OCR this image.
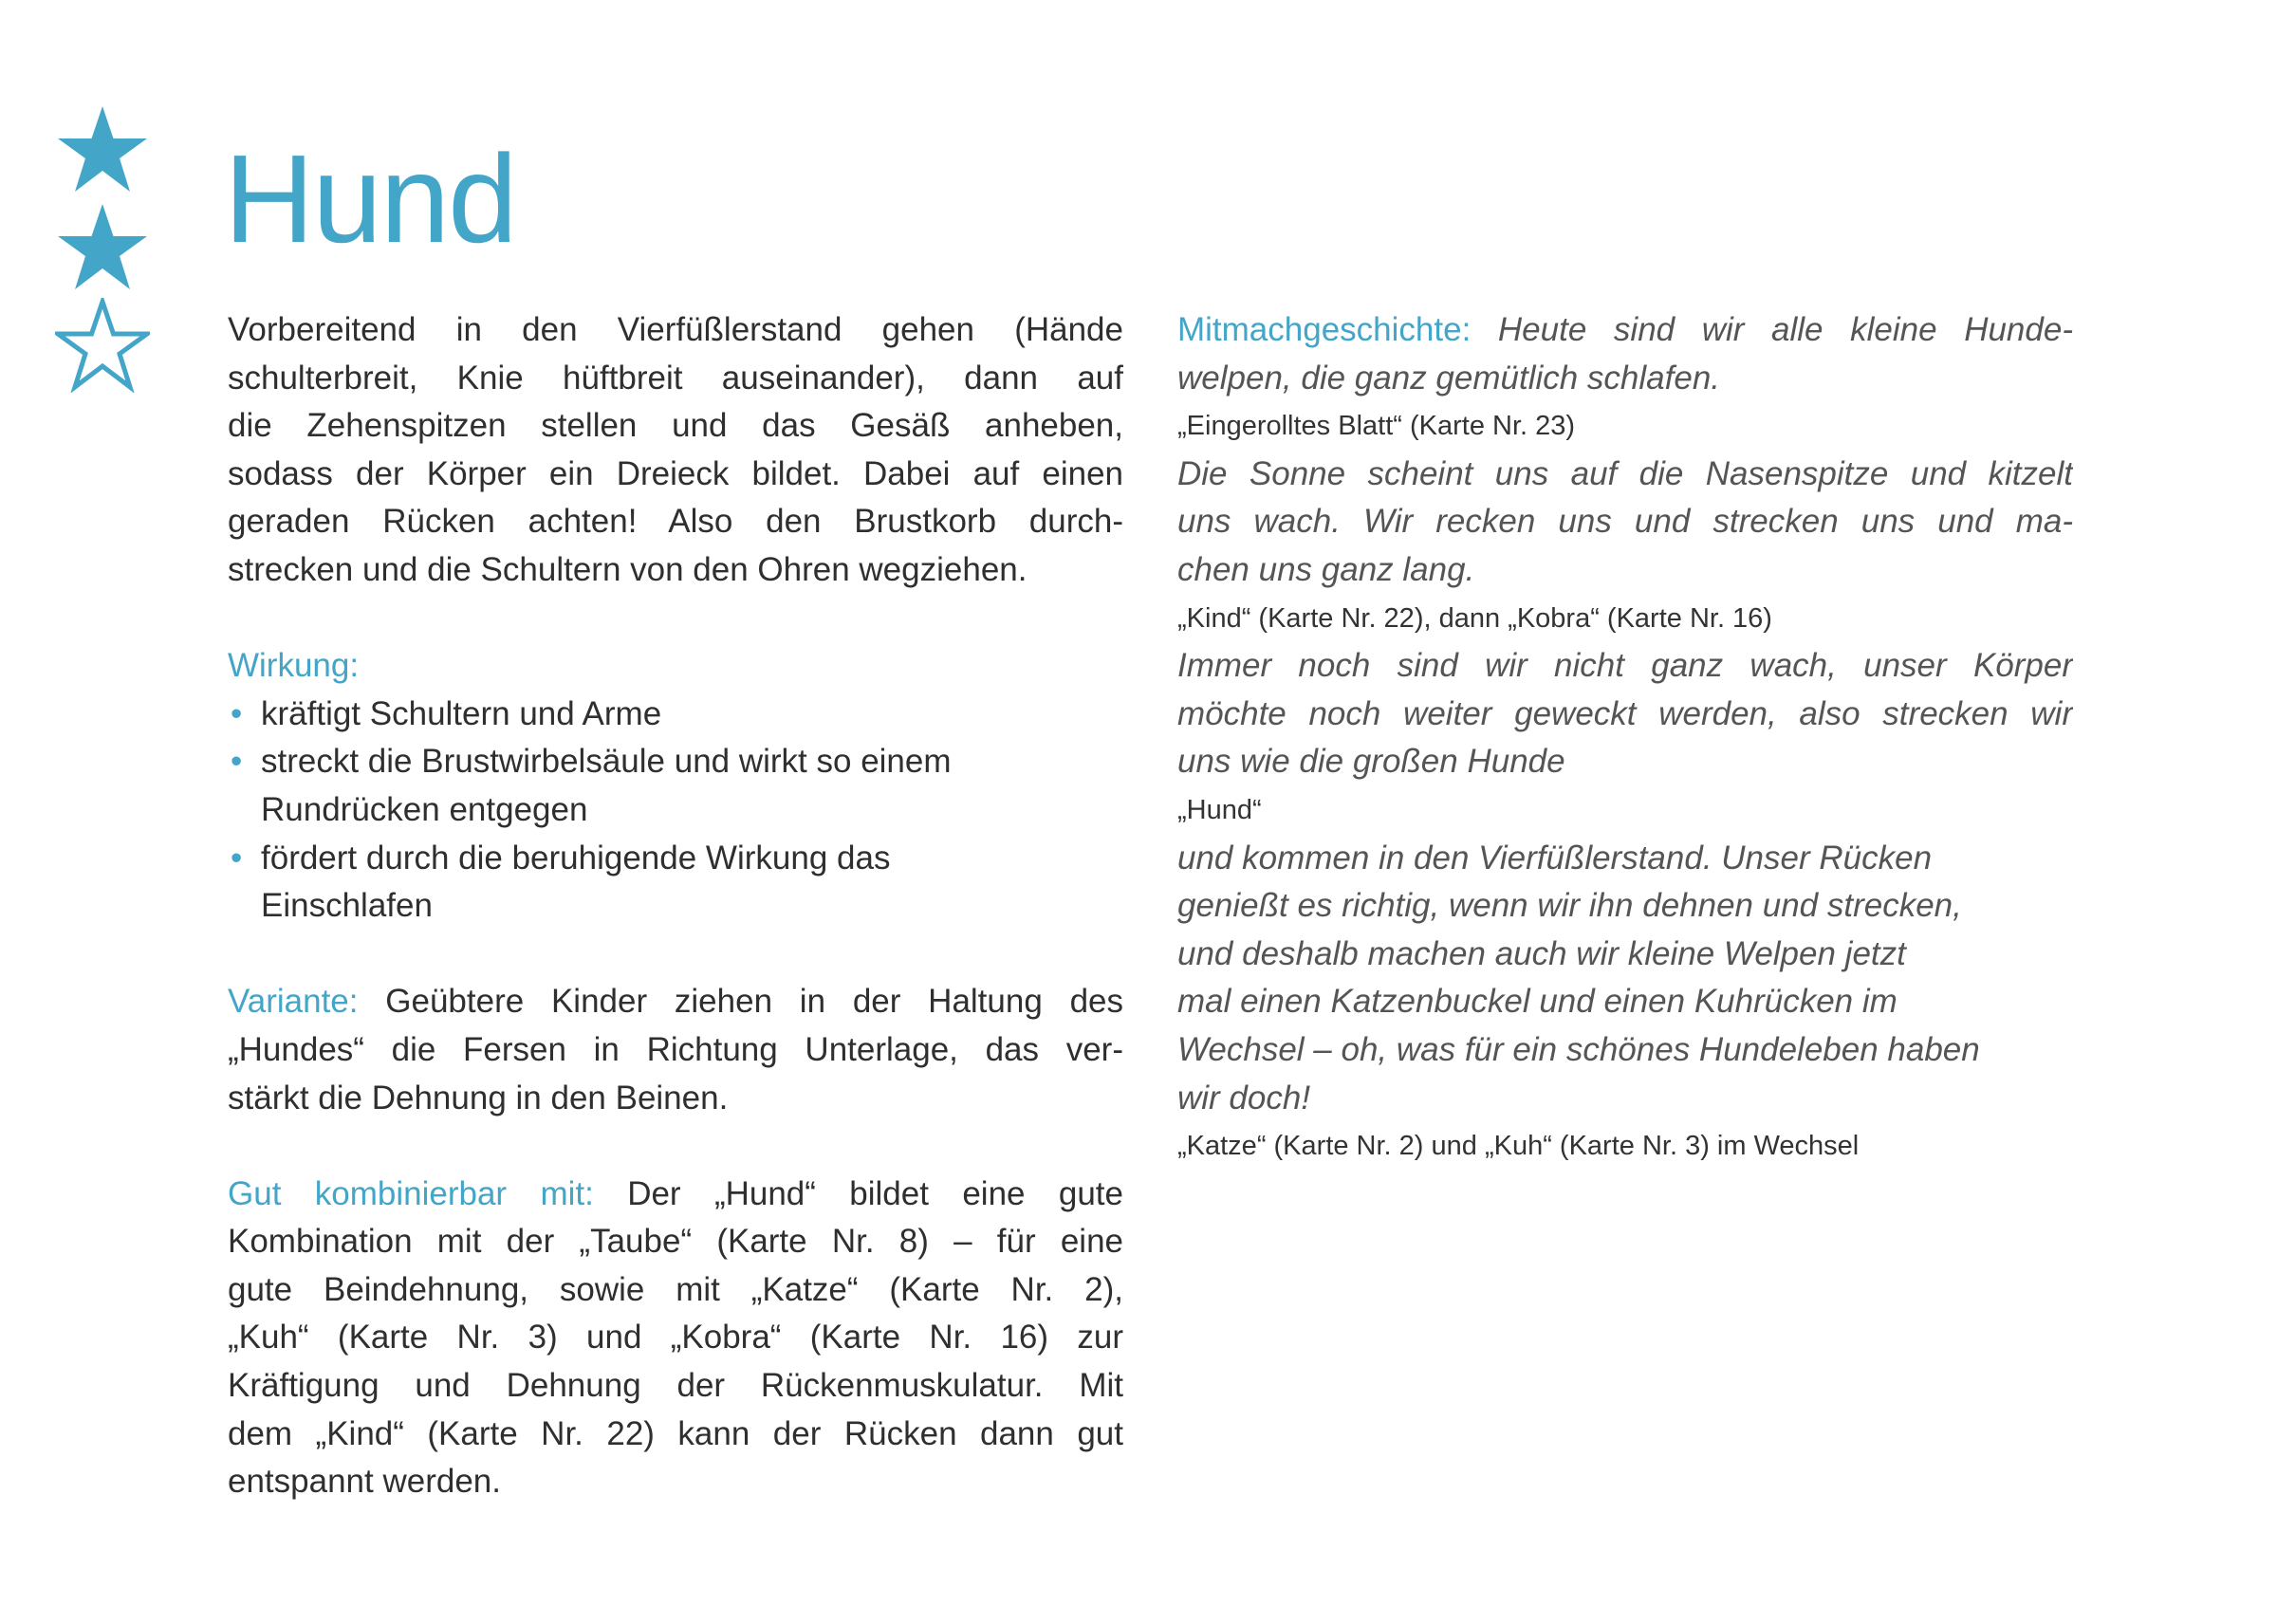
Hund
Vorbereitend in den Vierfüßlerstand gehen (Hände
schulterbreit, Knie hüftbreit auseinander), dann auf
die Zehenspitzen stellen und das Gesäß anheben,
sodass der Körper ein Dreieck bildet. Dabei auf einen
geraden Rücken achten! Also den Brustkorb durch-
strecken und die Schultern von den Ohren wegziehen.
Wirkung:
• kräftigt Schultern und Arme
• streckt die Brustwirbelsäule und wirkt so einem
Rundrücken entgegen
• fördert durch die beruhigende Wirkung das
Einschlafen
Variante: Geübtere Kinder ziehen in der Haltung des
„Hundes“ die Fersen in Richtung Unterlage, das ver-
stärkt die Dehnung in den Beinen.
Gut kombinierbar mit: Der „Hund“ bildet eine gute
Kombination mit der „Taube“ (Karte Nr. 8) – für eine
gute Beindehnung, sowie mit „Katze“ (Karte Nr. 2),
„Kuh“ (Karte Nr. 3) und „Kobra“ (Karte Nr. 16) zur
Kräftigung und Dehnung der Rückenmuskulatur. Mit
dem „Kind“ (Karte Nr. 22) kann der Rücken dann gut
entspannt werden.
Mitmachgeschichte: Heute sind wir alle kleine Hunde-
welpen, die ganz gemütlich schlafen.
„Eingerolltes Blatt“ (Karte Nr. 23)
Die Sonne scheint uns auf die Nasenspitze und kitzelt
uns wach. Wir recken uns und strecken uns und ma-
chen uns ganz lang.
„Kind“ (Karte Nr. 22), dann „Kobra“ (Karte Nr. 16)
Immer noch sind wir nicht ganz wach, unser Körper
möchte noch weiter geweckt werden, also strecken wir
uns wie die großen Hunde
„Hund“
und kommen in den Vierfüßlerstand. Unser Rücken
genießt es richtig, wenn wir ihn dehnen und strecken,
und deshalb machen auch wir kleine Welpen jetzt
mal einen Katzenbuckel und einen Kuhrücken im
Wechsel – oh, was für ein schönes Hundeleben haben
wir doch!
„Katze“ (Karte Nr. 2) und „Kuh“ (Karte Nr. 3) im Wechsel
